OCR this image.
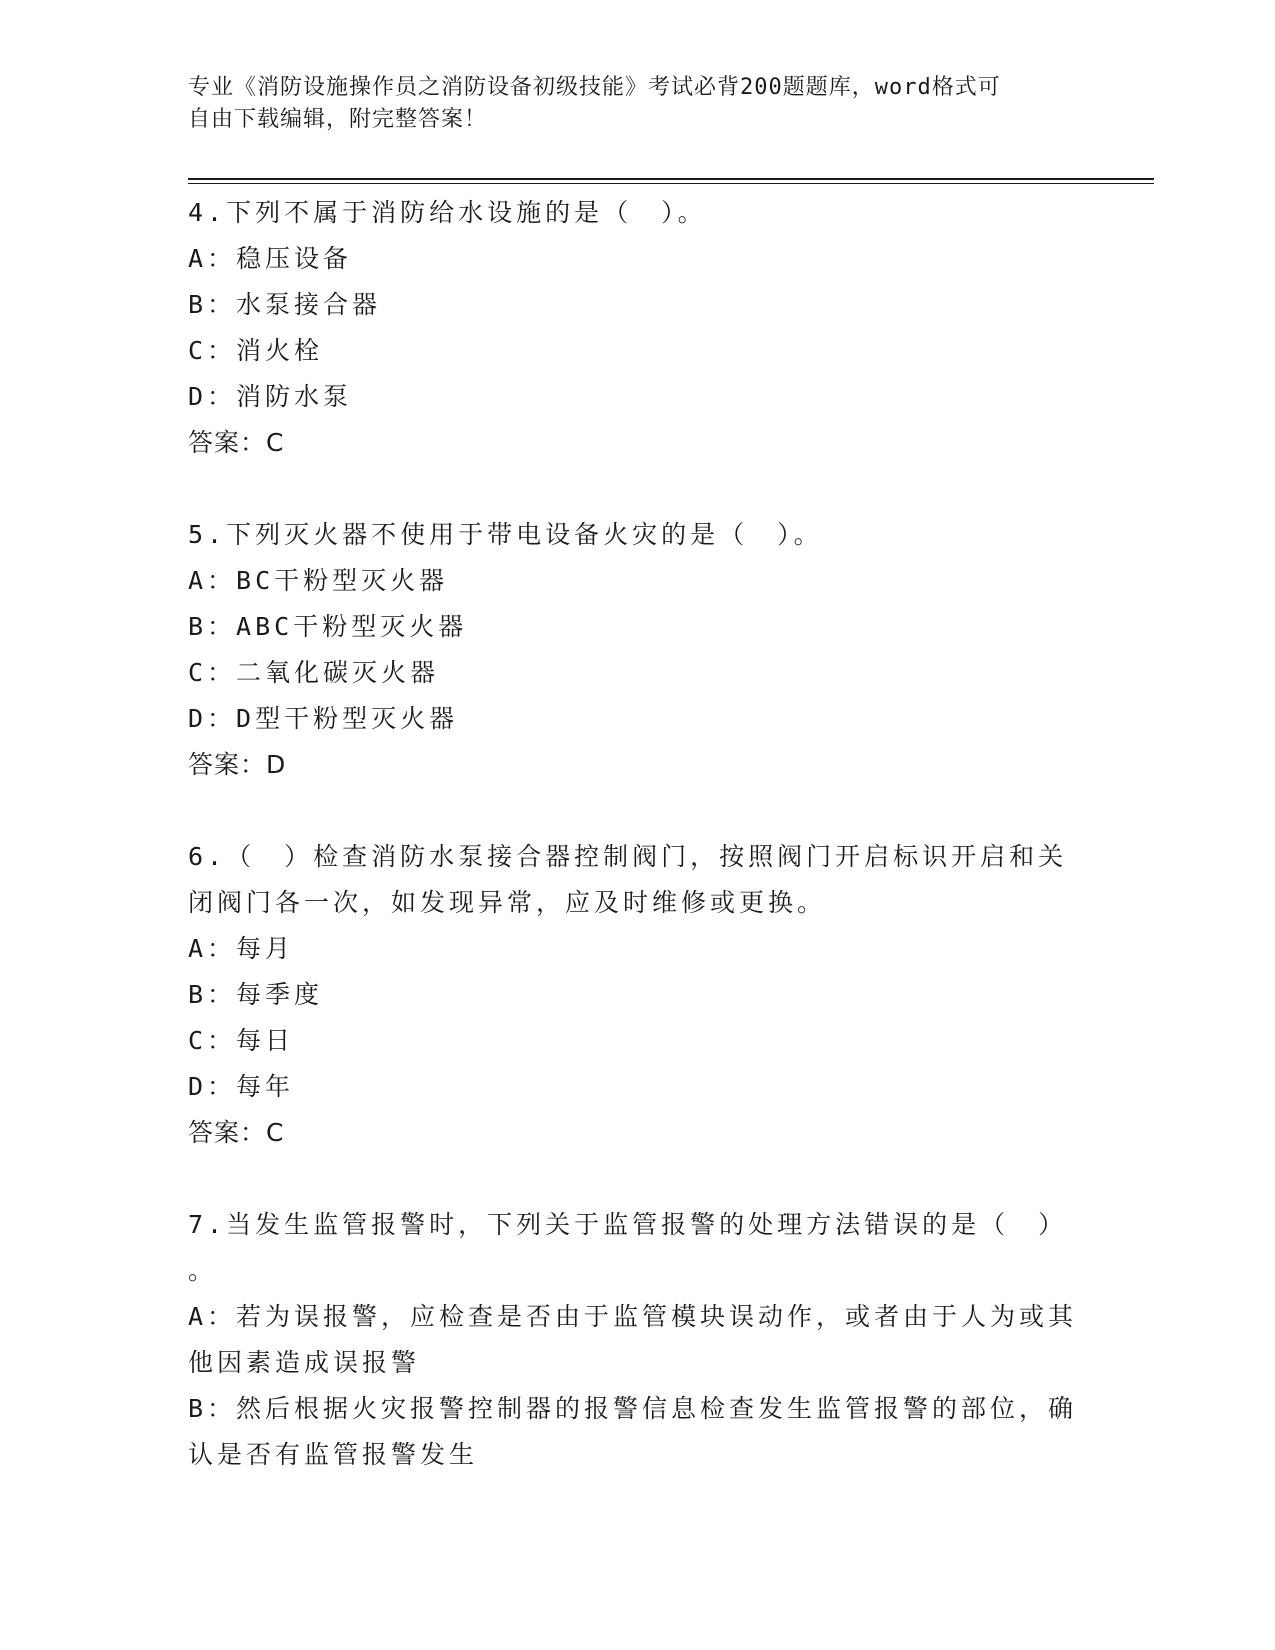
专业《消防设施操作员之消防设备初级技能》考试必背200题题库，word格式可
自由下载编辑，附完整答案！
4.下列不属于消防给水设施的是（　）。
A：稳压设备
B：水泵接合器
C：消火栓
D：消防水泵
答案：C
5.下列灭火器不使用于带电设备火灾的是（　）。
A：BC干粉型灭火器
B：ABC干粉型灭火器
C：二氧化碳灭火器
D：D型干粉型灭火器
答案：D
6.（　）检查消防水泵接合器控制阀门，按照阀门开启标识开启和关
闭阀门各一次，如发现异常，应及时维修或更换。
A：每月
B：每季度
C：每日
D：每年
答案：C
7.当发生监管报警时，下列关于监管报警的处理方法错误的是（　）
。
A：若为误报警，应检查是否由于监管模块误动作，或者由于人为或其
他因素造成误报警
B：然后根据火灾报警控制器的报警信息检查发生监管报警的部位，确
认是否有监管报警发生
